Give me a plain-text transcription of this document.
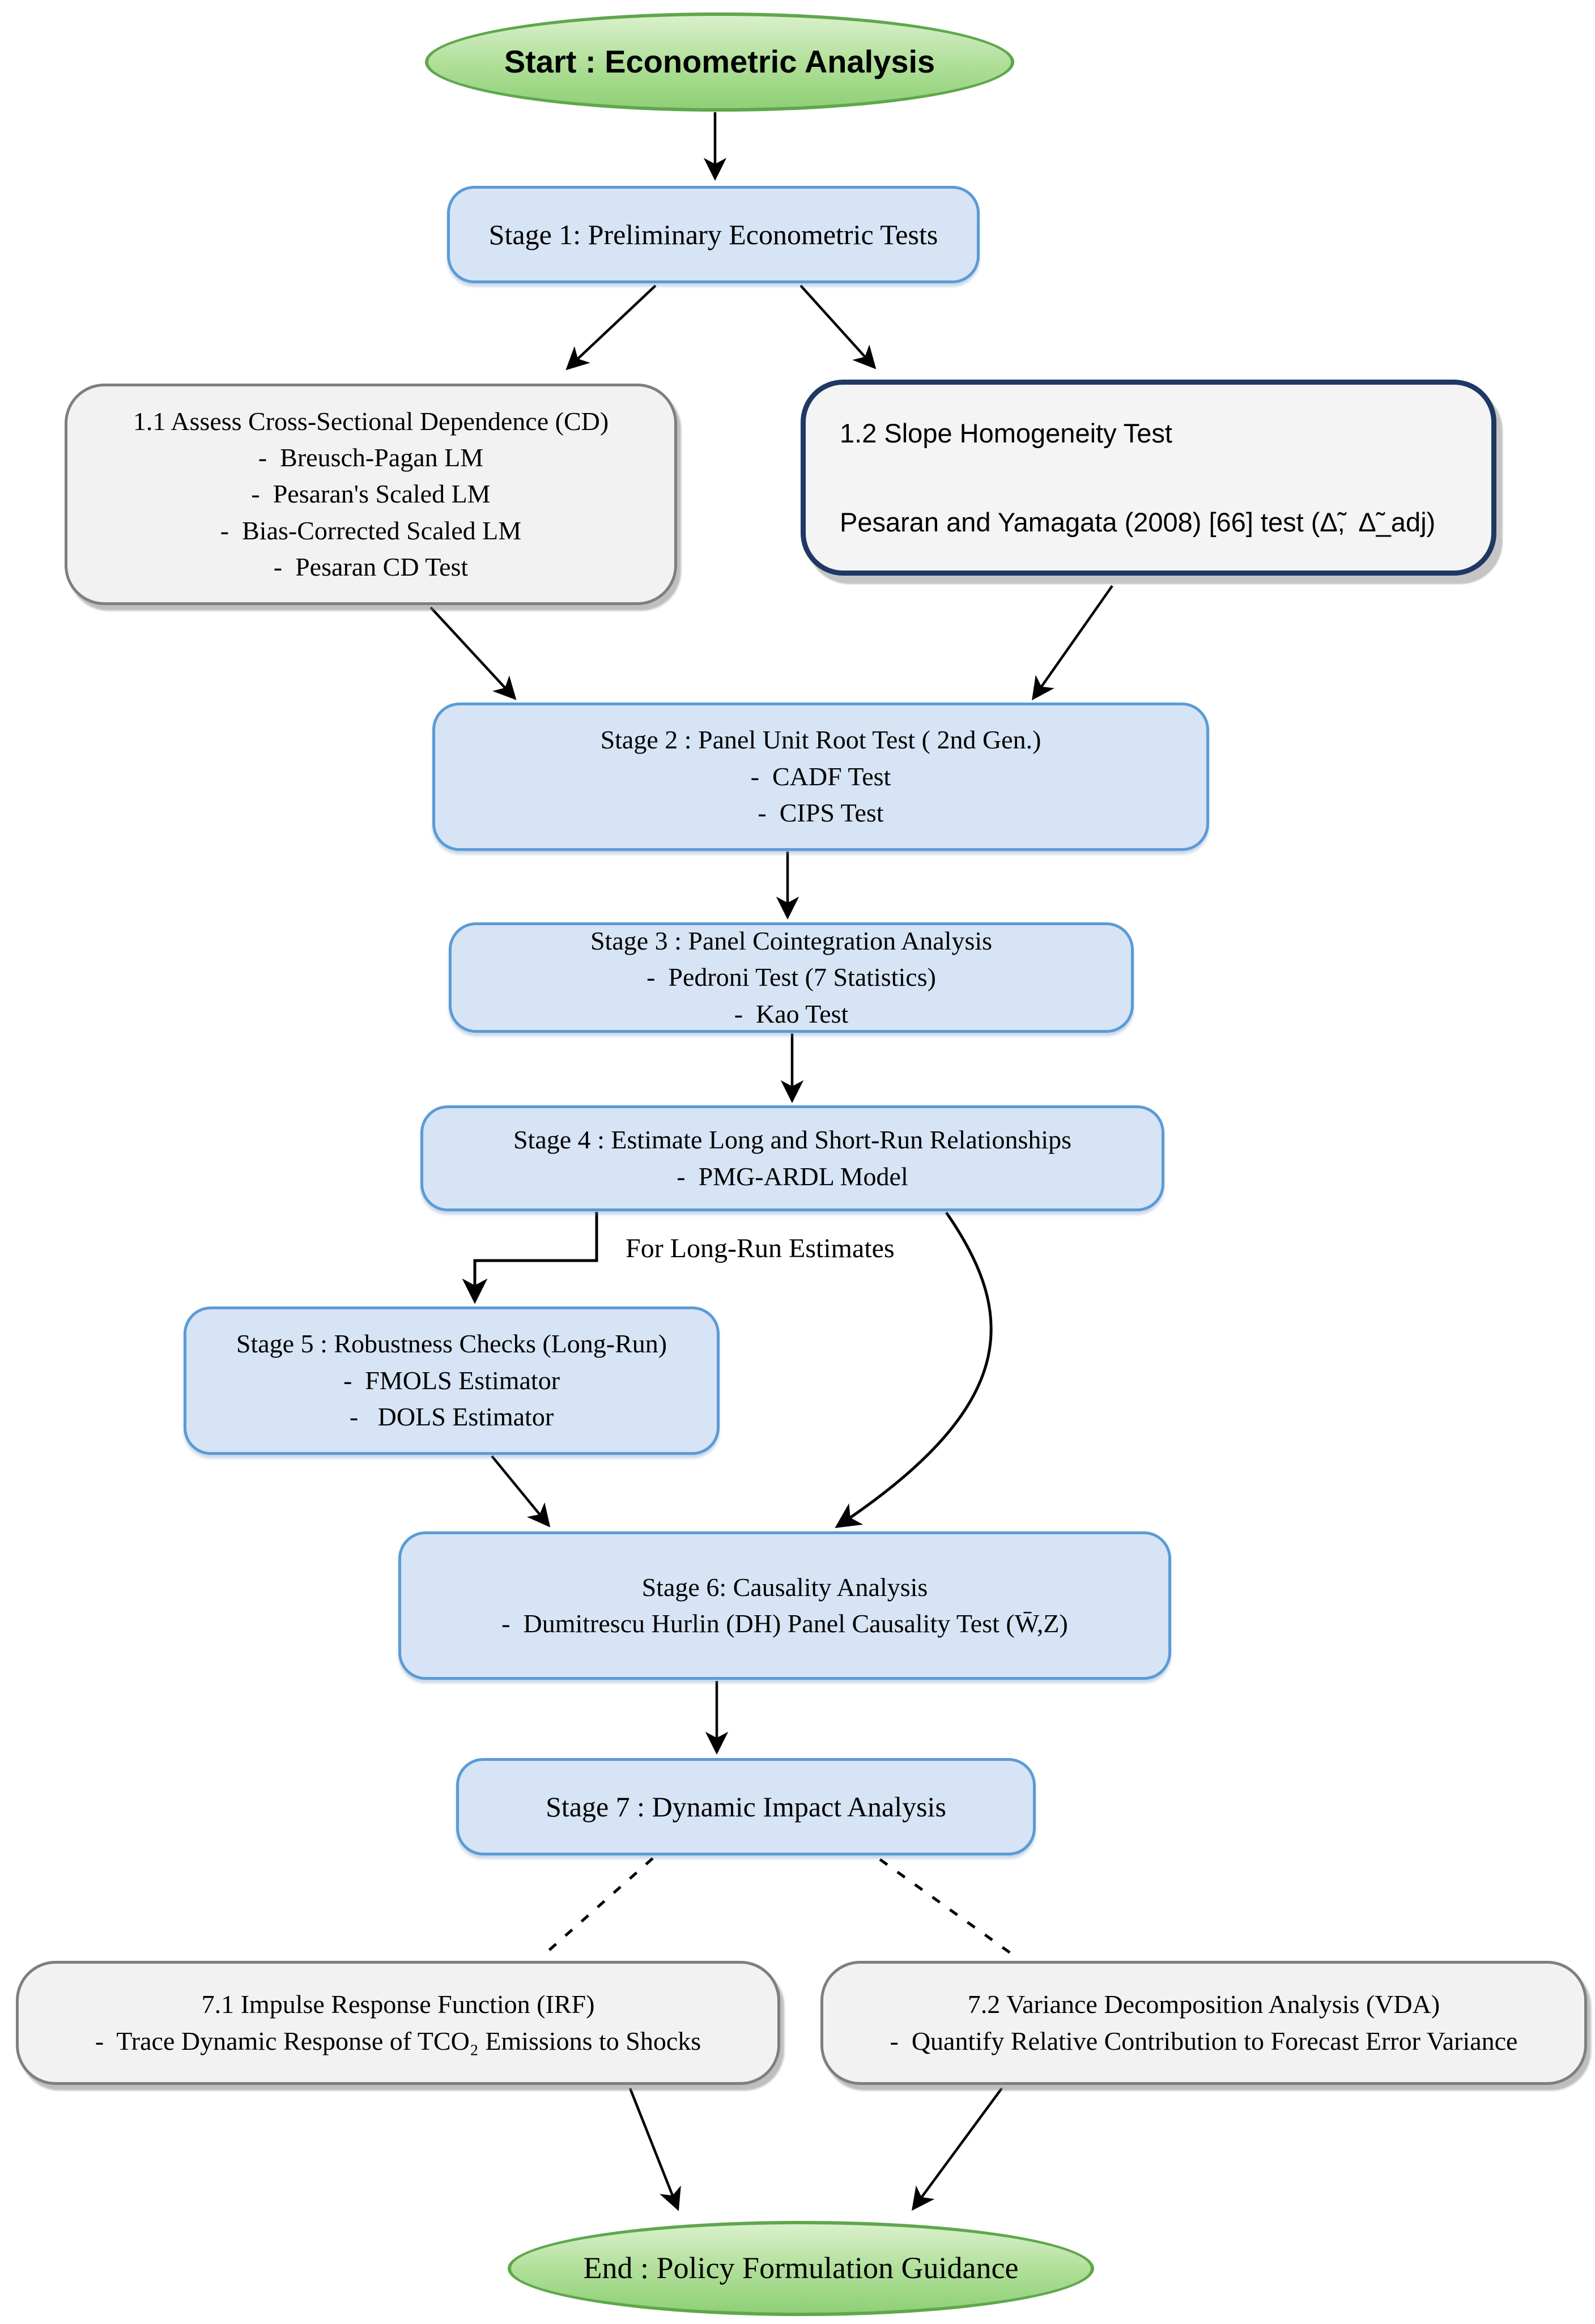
Start : Econometric Analysis
Stage 1: Preliminary Econometric Tests
1.1 Assess Cross-Sectional Dependence (CD)
-  Breusch-Pagan LM
-  Pesaran's Scaled LM
-  Bias-Corrected Scaled LM
-  Pesaran CD Test
1.2 Slope Homogeneity Test
Pesaran and Yamagata (2008) [66] test (Δ̃,  Δ̃_adj)
Stage 2 : Panel Unit Root Test ( 2nd Gen.)
-  CADF Test
-  CIPS Test
Stage 3 : Panel Cointegration Analysis
-  Pedroni Test (7 Statistics)
-  Kao Test
Stage 4 : Estimate Long and Short-Run Relationships
-  PMG-ARDL Model
For Long-Run Estimates
Stage 5 : Robustness Checks (Long-Run)
-  FMOLS Estimator
-   DOLS Estimator
Stage 6: Causality Analysis
-  Dumitrescu Hurlin (DH) Panel Causality Test (W̄,Z)
Stage 7 : Dynamic Impact Analysis
7.1 Impulse Response Function (IRF)
-  Trace Dynamic Response of TCO₂ Emissions to Shocks
7.2 Variance Decomposition Analysis (VDA)
-  Quantify Relative Contribution to Forecast Error Variance
End : Policy Formulation Guidance
